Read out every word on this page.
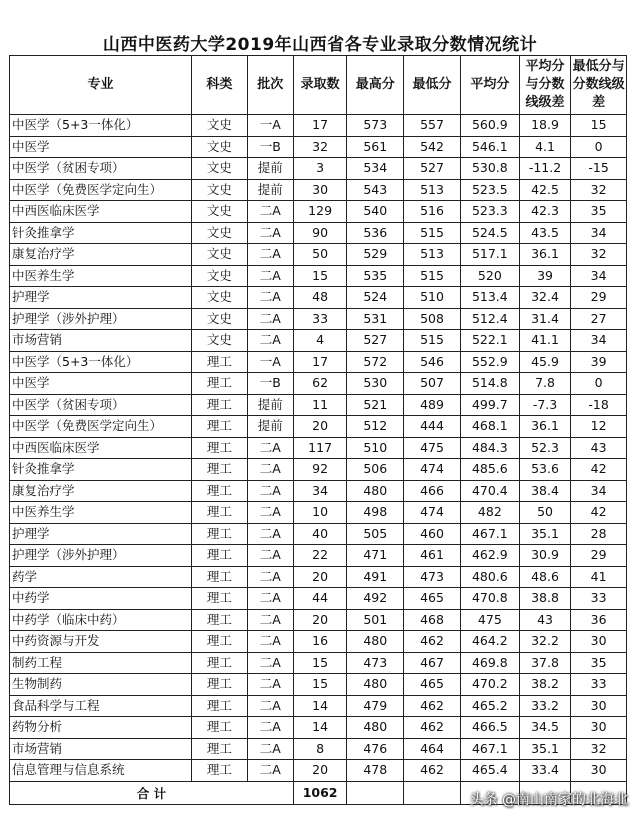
山西中医药大学2019年山西省各专业录取分数情况统计
专业	科类	批次	录取数	最高分	最低分	平均分	平均分与分数线级差	最低分与分数线级差
中医学（5+3一体化）	文史	一A	17	573	557	560.9	18.9	15
中医学	文史	一B	32	561	542	546.1	4.1	0
中医学（贫困专项）	文史	提前	3	534	527	530.8	-11.2	-15
中医学（免费医学定向生）	文史	提前	30	543	513	523.5	42.5	32
中西医临床医学	文史	二A	129	540	516	523.3	42.3	35
针灸推拿学	文史	二A	90	536	515	524.5	43.5	34
康复治疗学	文史	二A	50	529	513	517.1	36.1	32
中医养生学	文史	二A	15	535	515	520	39	34
护理学	文史	二A	48	524	510	513.4	32.4	29
护理学（涉外护理）	文史	二A	33	531	508	512.4	31.4	27
市场营销	文史	二A	4	527	515	522.1	41.1	34
中医学（5+3一体化）	理工	一A	17	572	546	552.9	45.9	39
中医学	理工	一B	62	530	507	514.8	7.8	0
中医学（贫困专项）	理工	提前	11	521	489	499.7	-7.3	-18
中医学（免费医学定向生）	理工	提前	20	512	444	468.1	36.1	12
中西医临床医学	理工	二A	117	510	475	484.3	52.3	43
针灸推拿学	理工	二A	92	506	474	485.6	53.6	42
康复治疗学	理工	二A	34	480	466	470.4	38.4	34
中医养生学	理工	二A	10	498	474	482	50	42
护理学	理工	二A	40	505	460	467.1	35.1	28
护理学（涉外护理）	理工	二A	22	471	461	462.9	30.9	29
药学	理工	二A	20	491	473	480.6	48.6	41
中药学	理工	二A	44	492	465	470.8	38.8	33
中药学（临床中药）	理工	二A	20	501	468	475	43	36
中药资源与开发	理工	二A	16	480	462	464.2	32.2	30
制药工程	理工	二A	15	473	467	469.8	37.8	35
生物制药	理工	二A	15	480	465	470.2	38.2	33
食品科学与工程	理工	二A	14	479	462	465.2	33.2	30
药物分析	理工	二A	14	480	462	466.5	34.5	30
市场营销	理工	二A	8	476	464	467.1	35.1	32
信息管理与信息系统	理工	二A	20	478	462	465.4	33.4	30
合 计			1062						头条 @南山南家的北海北
